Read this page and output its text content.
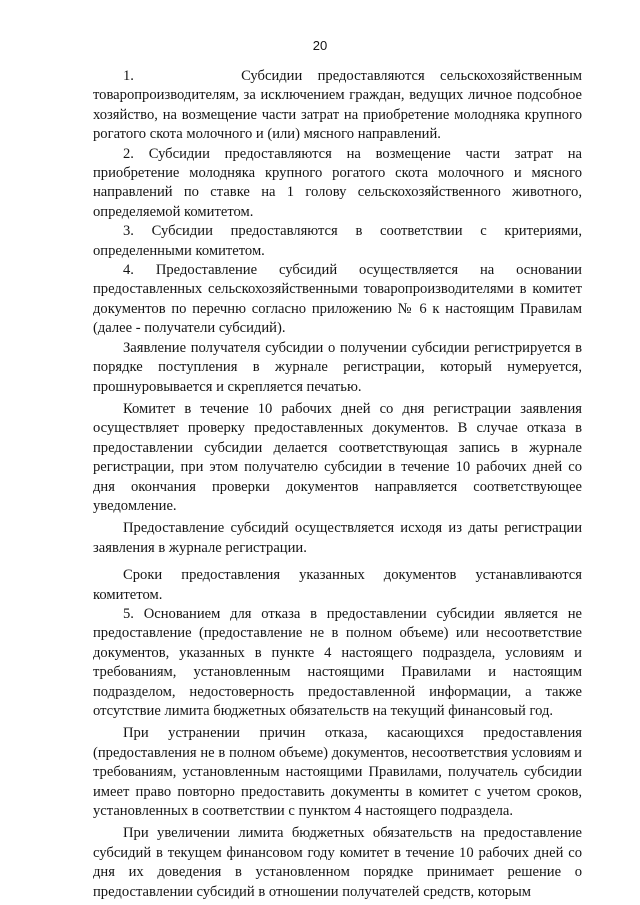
20

1.       Субсидии предоставляются сельскохозяйственным товаропроизводителям, за исключением граждан, ведущих личное подсобное хозяйство, на возмещение части затрат на приобретение молодняка крупного рогатого скота молочного и (или) мясного направлений.

2. Субсидии предоставляются на возмещение части затрат на приобретение молодняка крупного рогатого скота молочного и мясного направлений по ставке на 1 голову сельскохозяйственного животного, определяемой комитетом.

3. Субсидии предоставляются в соответствии с критериями, определенными комитетом.

4. Предоставление субсидий осуществляется на основании предоставленных сельскохозяйственными товаропроизводителями в комитет документов по перечню согласно приложению № 6 к настоящим Правилам (далее - получатели субсидий).

Заявление получателя субсидии о получении субсидии регистрируется в порядке поступления в журнале регистрации, который нумеруется, прошнуровывается и скрепляется печатью.

Комитет в течение 10 рабочих дней со дня регистрации заявления осуществляет проверку предоставленных документов. В случае отказа в предоставлении субсидии делается соответствующая запись в журнале регистрации, при этом получателю субсидии в течение 10 рабочих дней со дня окончания проверки документов направляется соответствующее уведомление.

Предоставление субсидий осуществляется исходя из даты регистрации заявления в журнале регистрации.

Сроки предоставления указанных документов устанавливаются комитетом.

5. Основанием для отказа в предоставлении субсидии является не предоставление (предоставление не в полном объеме) или несоответствие документов, указанных в пункте 4 настоящего подраздела, условиям и требованиям, установленным настоящими Правилами и настоящим подразделом, недостоверность предоставленной информации, а также отсутствие лимита бюджетных обязательств на текущий финансовый год.

При устранении причин отказа, касающихся предоставления (предоставления не в полном объеме) документов, несоответствия условиям и требованиям, установленным настоящими Правилами, получатель субсидии имеет право повторно предоставить документы в комитет с учетом сроков, установленных в соответствии с пунктом 4 настоящего подраздела.

При увеличении лимита бюджетных обязательств на предоставление субсидий в текущем финансовом году комитет в течение 10 рабочих дней со дня их доведения в установленном порядке принимает решение о предоставлении субсидий в отношении получателей средств, которым
